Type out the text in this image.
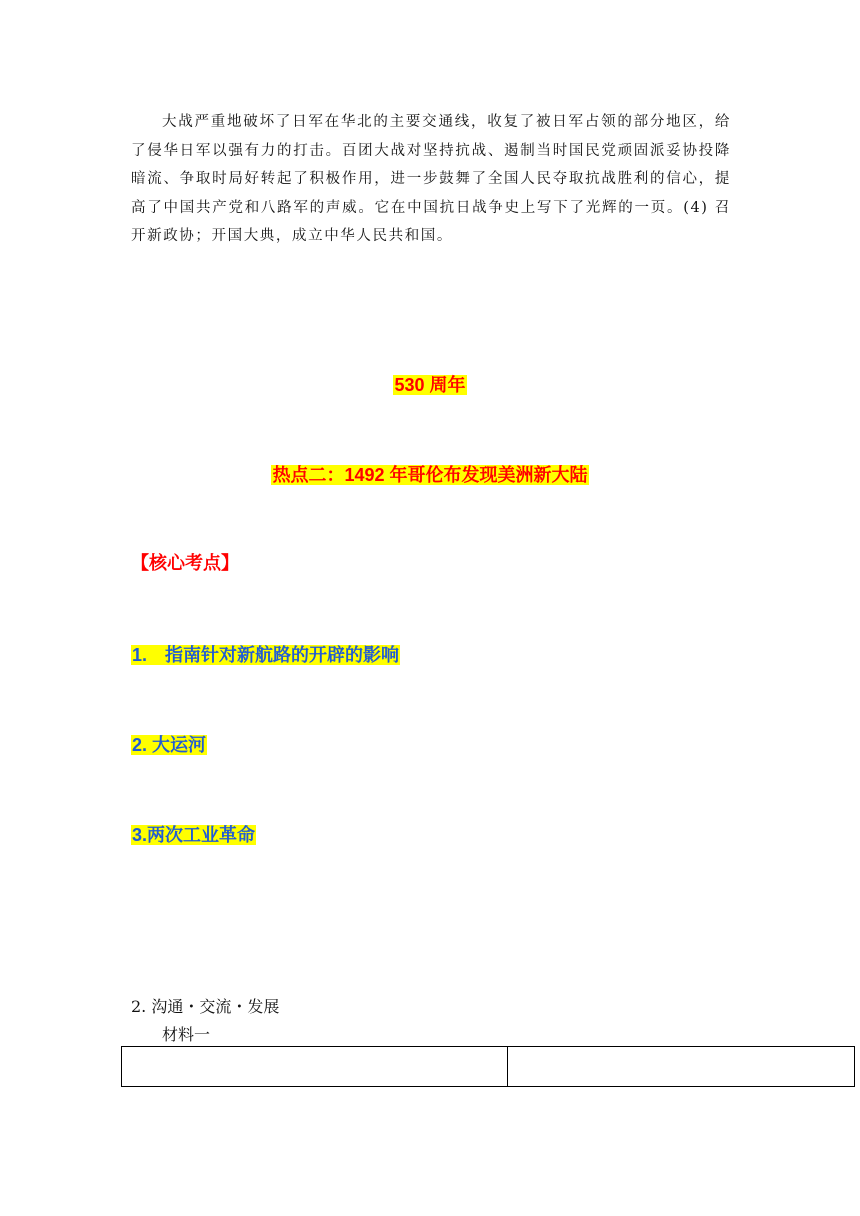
大战严重地破坏了日军在华北的主要交通线，收复了被日军占领的部分地区，给了侵华日军以强有力的打击。百团大战对坚持抗战、遏制当时国民党顽固派妥协投降暗流、争取时局好转起了积极作用，进一步鼓舞了全国人民夺取抗战胜利的信心，提高了中国共产党和八路军的声威。它在中国抗日战争史上写下了光辉的一页。(4) 召开新政协；开国大典，成立中华人民共和国。
530 周年
热点二：1492 年哥伦布发现美洲新大陆
【核心考点】
1. 指南针对新航路的开辟的影响
2. 大运河
3.两次工业革命
2. 沟通・交流・发展
材料一
